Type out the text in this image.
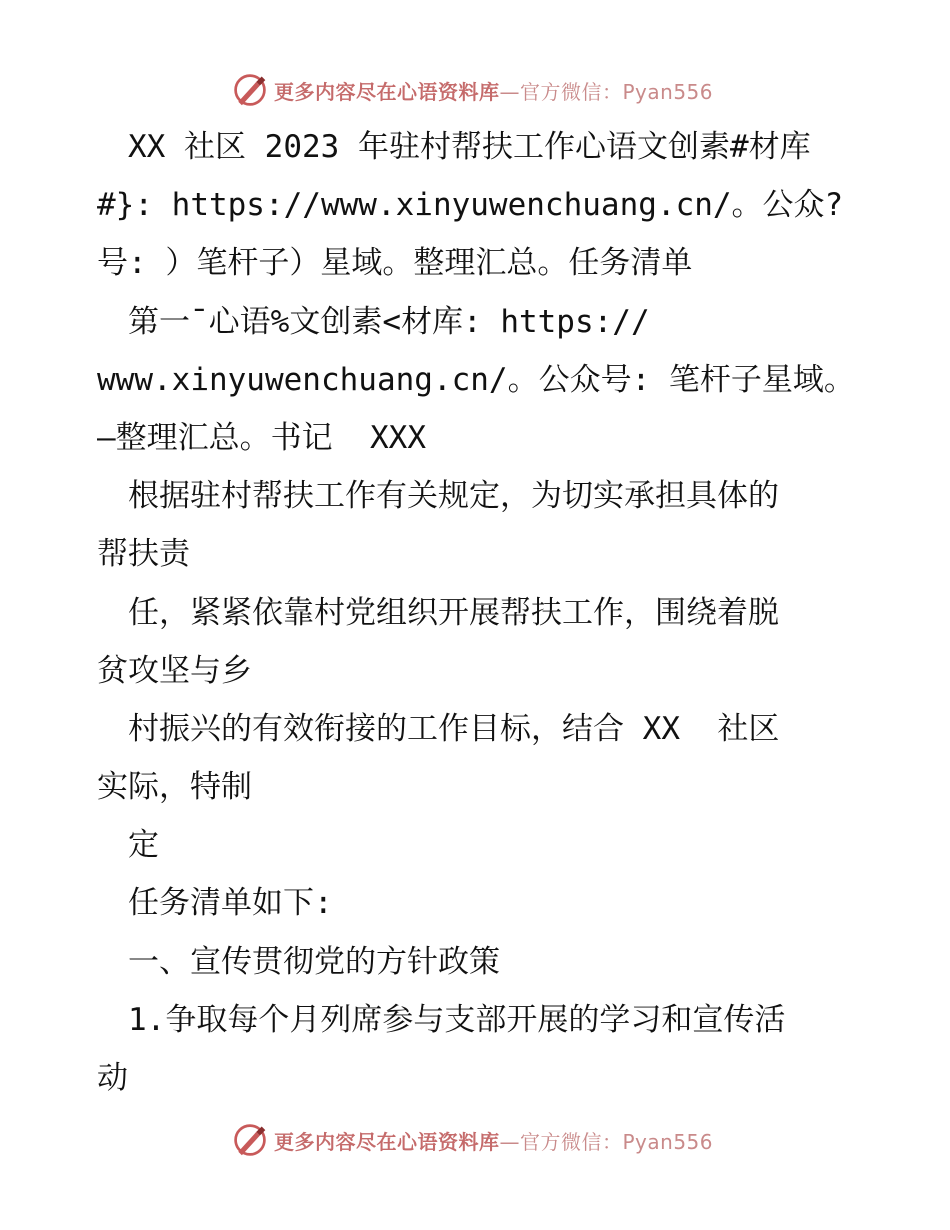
更多内容尽在心语资料库—官方微信：Pyan556
　XX 社区 2023 年驻村帮扶工作心语文创素#材库
#}: https://www.xinyuwenchuang.cn/。公众?
号: ）笔杆子）星域。整理汇总。任务清单
　第一¯心语%文创素<材库: https://
www.xinyuwenchuang.cn/。公众号: 笔杆子星域。
—整理汇总。书记  XXX
　根据驻村帮扶工作有关规定，为切实承担具体的
帮扶责
　任，紧紧依靠村党组织开展帮扶工作，围绕着脱
贫攻坚与乡
　村振兴的有效衔接的工作目标，结合 XX  社区
实际，特制
　定
　任务清单如下:
　一、宣传贯彻党的方针政策
　1.争取每个月列席参与支部开展的学习和宣传活
动
更多内容尽在心语资料库—官方微信：Pyan556
